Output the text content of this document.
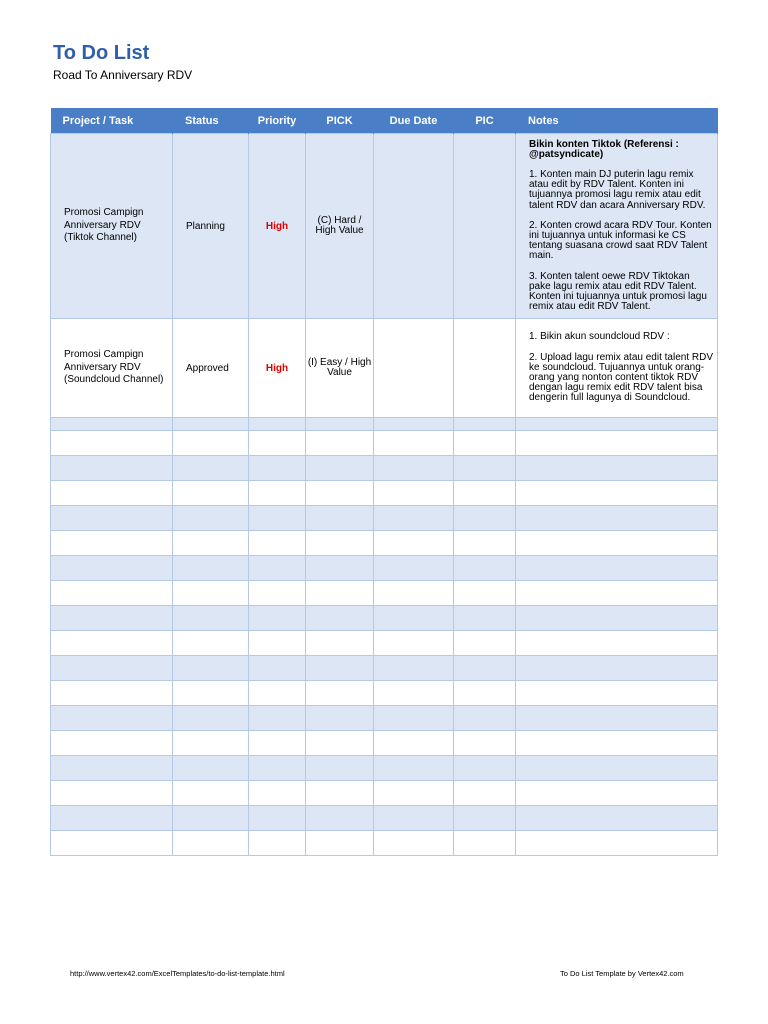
To Do List
Road To Anniversary RDV
Project / Task	Status	Priority	PICK	Due Date	PIC	Notes
Promosi Campign Anniversary RDV (Tiktok Channel)	Planning	High	(C) Hard / High Value			Bikin konten Tiktok (Referensi : @patsyndicate)
1. Konten main DJ puterin lagu remix atau edit by RDV Talent. Konten ini tujuannya promosi lagu remix atau edit talent RDV dan acara Anniversary RDV.
2. Konten crowd acara RDV Tour. Konten ini tujuannya untuk informasi ke CS tentang suasana crowd saat RDV Talent main.
3. Konten talent oewe RDV Tiktokan pake lagu remix atau edit RDV Talent. Konten ini tujuannya untuk promosi lagu remix atau edit RDV Talent.

Promosi Campign Anniversary RDV (Soundcloud Channel)	Approved	High	(I) Easy / High Value			1. Bikin akun soundcloud RDV :
2. Upload lagu remix atau edit talent RDV ke soundcloud. Tujuannya untuk orang-orang yang nonton content tiktok RDV dengan lagu remix edit RDV talent bisa dengerin full lagunya di Soundcloud.

http://www.vertex42.com/ExcelTemplates/to-do-list-template.html	To Do List Template by Vertex42.com
